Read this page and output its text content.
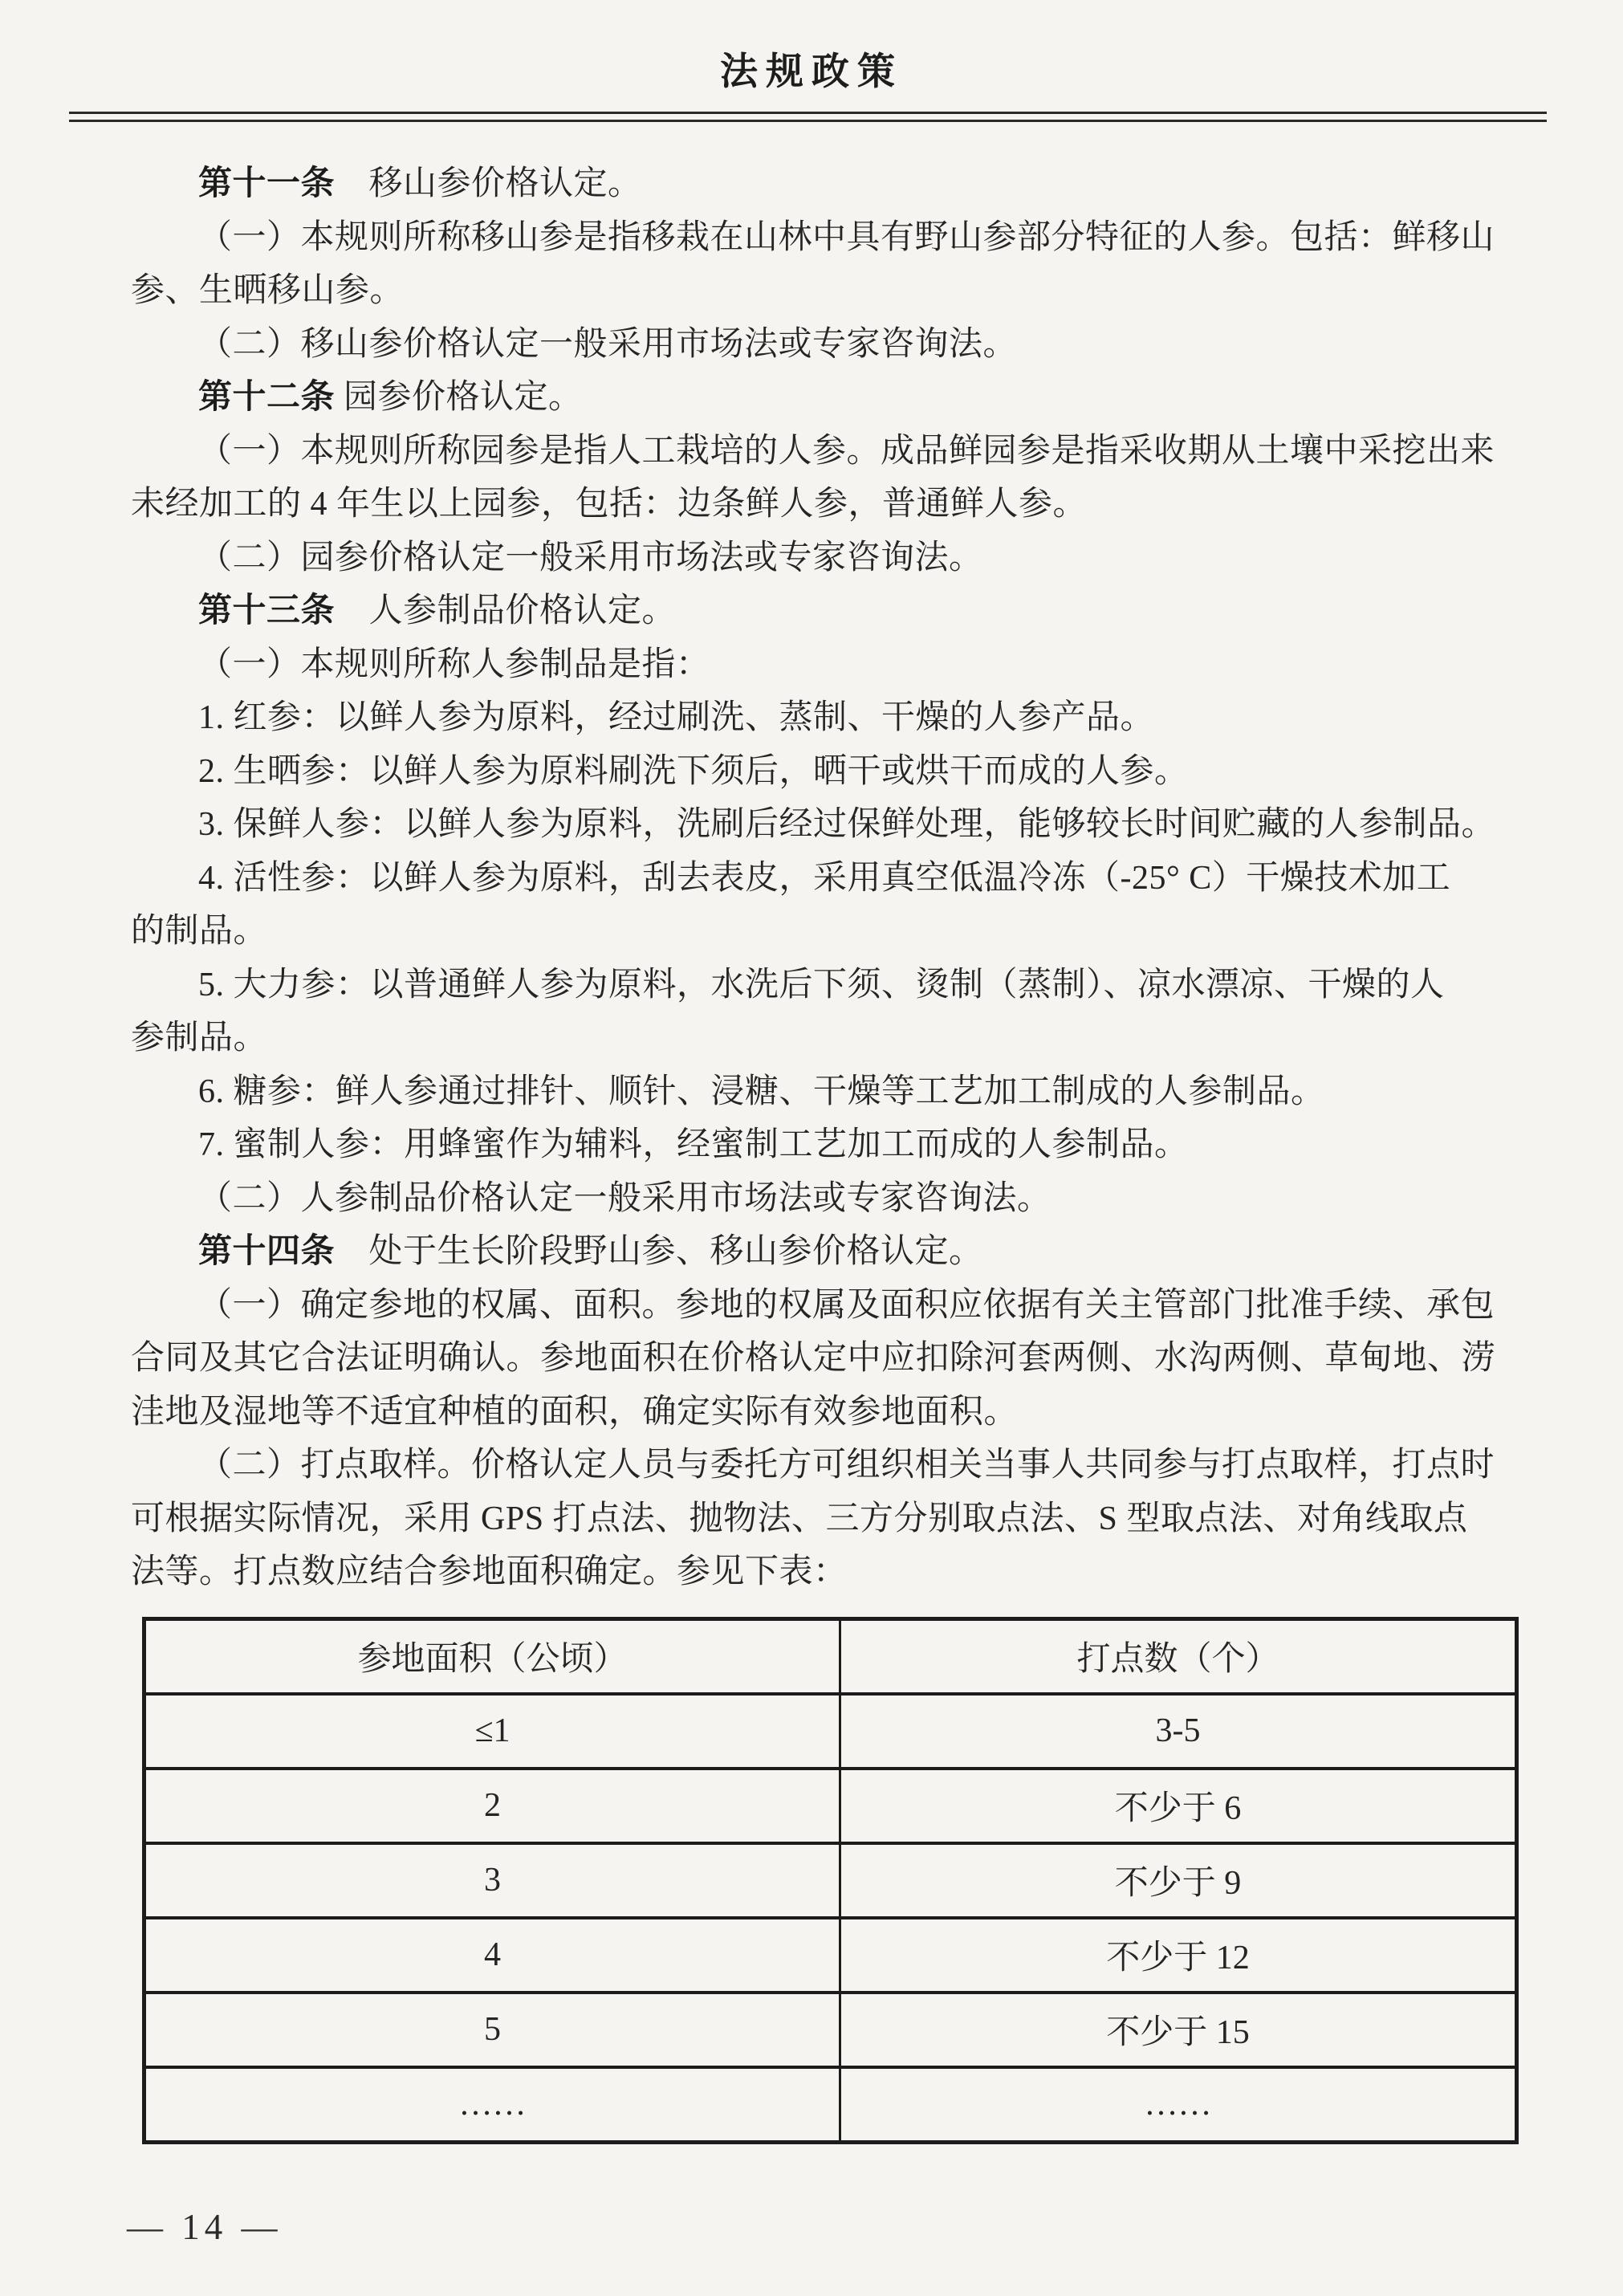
法规政策
第十一条　移山参价格认定。
（一）本规则所称移山参是指移栽在山林中具有野山参部分特征的人参。包括：鲜移山
参、生晒移山参。
（二）移山参价格认定一般采用市场法或专家咨询法。
第十二条 园参价格认定。
（一）本规则所称园参是指人工栽培的人参。成品鲜园参是指采收期从土壤中采挖出来
未经加工的 4 年生以上园参，包括：边条鲜人参，普通鲜人参。
（二）园参价格认定一般采用市场法或专家咨询法。
第十三条　人参制品价格认定。
（一）本规则所称人参制品是指：
1. 红参：以鲜人参为原料，经过刷洗、蒸制、干燥的人参产品。
2. 生晒参：以鲜人参为原料刷洗下须后，晒干或烘干而成的人参。
3. 保鲜人参：以鲜人参为原料，洗刷后经过保鲜处理，能够较长时间贮藏的人参制品。
4. 活性参：以鲜人参为原料，刮去表皮，采用真空低温冷冻（-25° C）干燥技术加工
的制品。
5. 大力参：以普通鲜人参为原料，水洗后下须、烫制（蒸制）、凉水漂凉、干燥的人
参制品。
6. 糖参：鲜人参通过排针、顺针、浸糖、干燥等工艺加工制成的人参制品。
7. 蜜制人参：用蜂蜜作为辅料，经蜜制工艺加工而成的人参制品。
（二）人参制品价格认定一般采用市场法或专家咨询法。
第十四条　处于生长阶段野山参、移山参价格认定。
（一）确定参地的权属、面积。参地的权属及面积应依据有关主管部门批准手续、承包
合同及其它合法证明确认。参地面积在价格认定中应扣除河套两侧、水沟两侧、草甸地、涝
洼地及湿地等不适宜种植的面积，确定实际有效参地面积。
（二）打点取样。价格认定人员与委托方可组织相关当事人共同参与打点取样，打点时
可根据实际情况，采用 GPS 打点法、抛物法、三方分别取点法、S 型取点法、对角线取点
法等。打点数应结合参地面积确定。参见下表：
参地面积（公顷）	打点数（个）
≤1	3-5
2	不少于 6
3	不少于 9
4	不少于 12
5	不少于 15
……	……
— 14 —
